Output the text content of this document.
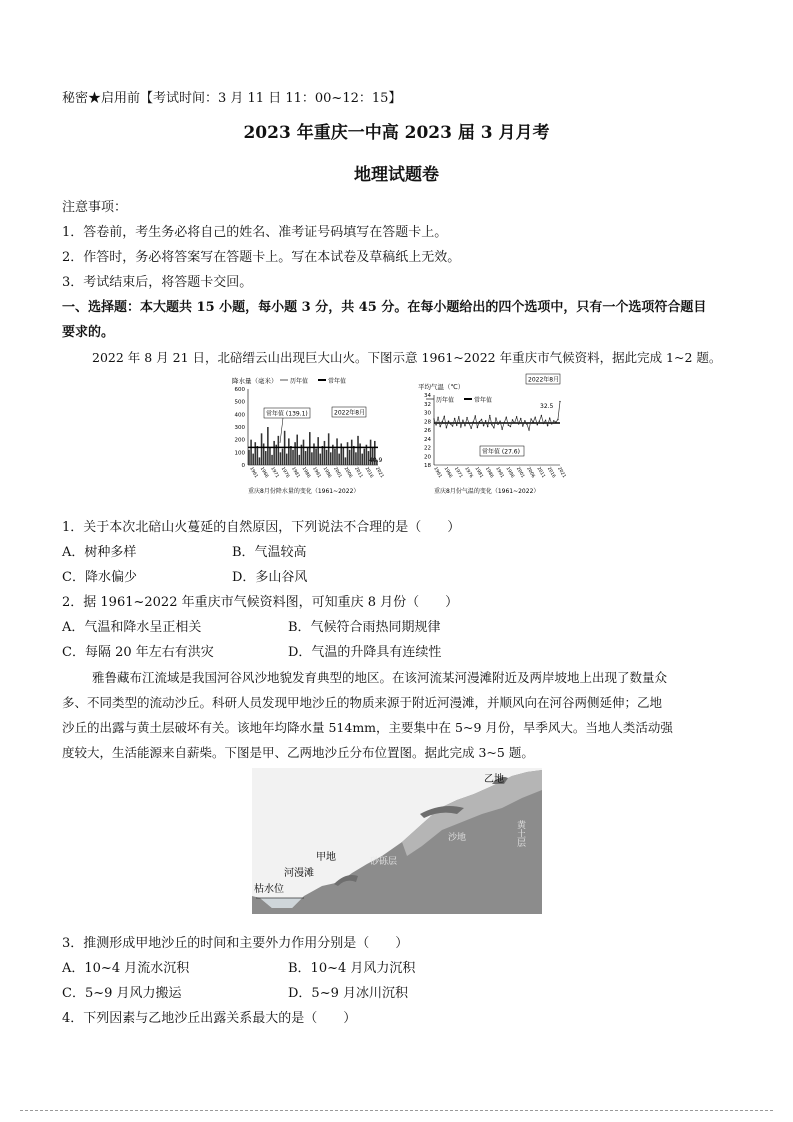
秘密★启用前【考试时间：3 月 11 日 11：00~12：15】
2023 年重庆一中高 2023 届 3 月月考
地理试题卷
注意事项：
1．答卷前，考生务必将自己的姓名、准考证号码填写在答题卡上。
2．作答时，务必将答案写在答题卡上。写在本试卷及草稿纸上无效。
3．考试结束后，将答题卡交回。
一、选择题：本大题共 15 小题，每小题 3 分，共 45 分。在每小题给出的四个选项中，只有一个选项符合题目
要求的。
2022 年 8 月 21 日，北碚缙云山出现巨大山火。下图示意 1961~2022 年重庆市气候资料，据此完成 1~2 题。
降水量（毫米） 历年值	常年值
600
500
400
300
200
100
0
1961 1966 1971 1976 1981 1986 1991 1996 2001 2006 2011 2016 2021
常年值 (139.1)	2022年8月
40.9
重庆8月份降水量的变化（1961~2022）
平均气温（℃）
历年值	常年值
34
32
30
28
26
24
22
20
18
1961 1966 1971 1976 1981 1986 1991 1996 2001 2006 2011 2016 2021
2022年8月
32.5
常年值 (27.6)
重庆8月份气温的变化（1961~2022）
1．关于本次北碚山火蔓延的自然原因，下列说法不合理的是（　　）
A．树种多样	B．气温较高
C．降水偏少	D．多山谷风
2．据 1961~2022 年重庆市气候资料图，可知重庆 8 月份（　　）
A．气温和降水呈正相关	B．气候符合雨热同期规律
C．每隔 20 年左右有洪灾	D．气温的升降具有连续性
雅鲁藏布江流域是我国河谷风沙地貌发育典型的地区。在该河流某河漫滩附近及两岸坡地上出现了数量众
多、不同类型的流动沙丘。科研人员发现甲地沙丘的物质来源于附近河漫滩，并顺风向在河谷两侧延伸；乙地
沙丘的出露与黄土层破坏有关。该地年均降水量 514mm，主要集中在 5~9 月份，旱季风大。当地人类活动强
度较大，生活能源来自薪柴。下图是甲、乙两地沙丘分布位置图。据此完成 3~5 题。
乙地
甲地
河漫滩
枯水位
黄土层
沙地
砂砾层
3．推测形成甲地沙丘的时间和主要外力作用分别是（　　）
A．10~4 月流水沉积	B．10~4 月风力沉积
C．5~9 月风力搬运	D．5~9 月冰川沉积
4．下列因素与乙地沙丘出露关系最大的是（　　）
